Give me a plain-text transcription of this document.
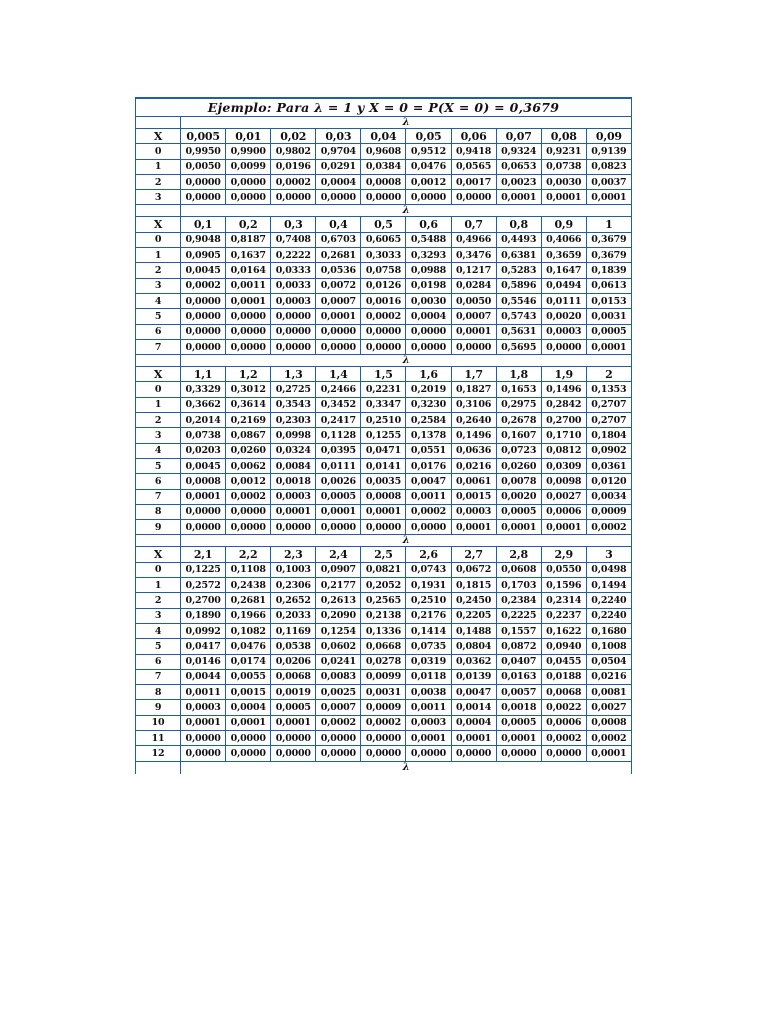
Ejemplo: Para λ = 1 y X = 0 = P(X = 0) = 0,3679										
	λ									
X	0,005	0,01	0,02	0,03	0,04	0,05	0,06	0,07	0,08	0,09
0	0,9950	0,9900	0,9802	0,9704	0,9608	0,9512	0,9418	0,9324	0,9231	0,9139
1	0,0050	0,0099	0,0196	0,0291	0,0384	0,0476	0,0565	0,0653	0,0738	0,0823
2	0,0000	0,0000	0,0002	0,0004	0,0008	0,0012	0,0017	0,0023	0,0030	0,0037
3	0,0000	0,0000	0,0000	0,0000	0,0000	0,0000	0,0000	0,0001	0,0001	0,0001
	λ									
X	0,1	0,2	0,3	0,4	0,5	0,6	0,7	0,8	0,9	1
0	0,9048	0,8187	0,7408	0,6703	0,6065	0,5488	0,4966	0,4493	0,4066	0,3679
1	0,0905	0,1637	0,2222	0,2681	0,3033	0,3293	0,3476	0,6381	0,3659	0,3679
2	0,0045	0,0164	0,0333	0,0536	0,0758	0,0988	0,1217	0,5283	0,1647	0,1839
3	0,0002	0,0011	0,0033	0,0072	0,0126	0,0198	0,0284	0,5896	0,0494	0,0613
4	0,0000	0,0001	0,0003	0,0007	0,0016	0,0030	0,0050	0,5546	0,0111	0,0153
5	0,0000	0,0000	0,0000	0,0001	0,0002	0,0004	0,0007	0,5743	0,0020	0,0031
6	0,0000	0,0000	0,0000	0,0000	0,0000	0,0000	0,0001	0,5631	0,0003	0,0005
7	0,0000	0,0000	0,0000	0,0000	0,0000	0,0000	0,0000	0,5695	0,0000	0,0001
	λ									
X	1,1	1,2	1,3	1,4	1,5	1,6	1,7	1,8	1,9	2
0	0,3329	0,3012	0,2725	0,2466	0,2231	0,2019	0,1827	0,1653	0,1496	0,1353
1	0,3662	0,3614	0,3543	0,3452	0,3347	0,3230	0,3106	0,2975	0,2842	0,2707
2	0,2014	0,2169	0,2303	0,2417	0,2510	0,2584	0,2640	0,2678	0,2700	0,2707
3	0,0738	0,0867	0,0998	0,1128	0,1255	0,1378	0,1496	0,1607	0,1710	0,1804
4	0,0203	0,0260	0,0324	0,0395	0,0471	0,0551	0,0636	0,0723	0,0812	0,0902
5	0,0045	0,0062	0,0084	0,0111	0,0141	0,0176	0,0216	0,0260	0,0309	0,0361
6	0,0008	0,0012	0,0018	0,0026	0,0035	0,0047	0,0061	0,0078	0,0098	0,0120
7	0,0001	0,0002	0,0003	0,0005	0,0008	0,0011	0,0015	0,0020	0,0027	0,0034
8	0,0000	0,0000	0,0001	0,0001	0,0001	0,0002	0,0003	0,0005	0,0006	0,0009
9	0,0000	0,0000	0,0000	0,0000	0,0000	0,0000	0,0001	0,0001	0,0001	0,0002
	λ									
X	2,1	2,2	2,3	2,4	2,5	2,6	2,7	2,8	2,9	3
0	0,1225	0,1108	0,1003	0,0907	0,0821	0,0743	0,0672	0,0608	0,0550	0,0498
1	0,2572	0,2438	0,2306	0,2177	0,2052	0,1931	0,1815	0,1703	0,1596	0,1494
2	0,2700	0,2681	0,2652	0,2613	0,2565	0,2510	0,2450	0,2384	0,2314	0,2240
3	0,1890	0,1966	0,2033	0,2090	0,2138	0,2176	0,2205	0,2225	0,2237	0,2240
4	0,0992	0,1082	0,1169	0,1254	0,1336	0,1414	0,1488	0,1557	0,1622	0,1680
5	0,0417	0,0476	0,0538	0,0602	0,0668	0,0735	0,0804	0,0872	0,0940	0,1008
6	0,0146	0,0174	0,0206	0,0241	0,0278	0,0319	0,0362	0,0407	0,0455	0,0504
7	0,0044	0,0055	0,0068	0,0083	0,0099	0,0118	0,0139	0,0163	0,0188	0,0216
8	0,0011	0,0015	0,0019	0,0025	0,0031	0,0038	0,0047	0,0057	0,0068	0,0081
9	0,0003	0,0004	0,0005	0,0007	0,0009	0,0011	0,0014	0,0018	0,0022	0,0027
10	0,0001	0,0001	0,0001	0,0002	0,0002	0,0003	0,0004	0,0005	0,0006	0,0008
11	0,0000	0,0000	0,0000	0,0000	0,0000	0,0001	0,0001	0,0001	0,0002	0,0002
12	0,0000	0,0000	0,0000	0,0000	0,0000	0,0000	0,0000	0,0000	0,0000	0,0001
	λ									
